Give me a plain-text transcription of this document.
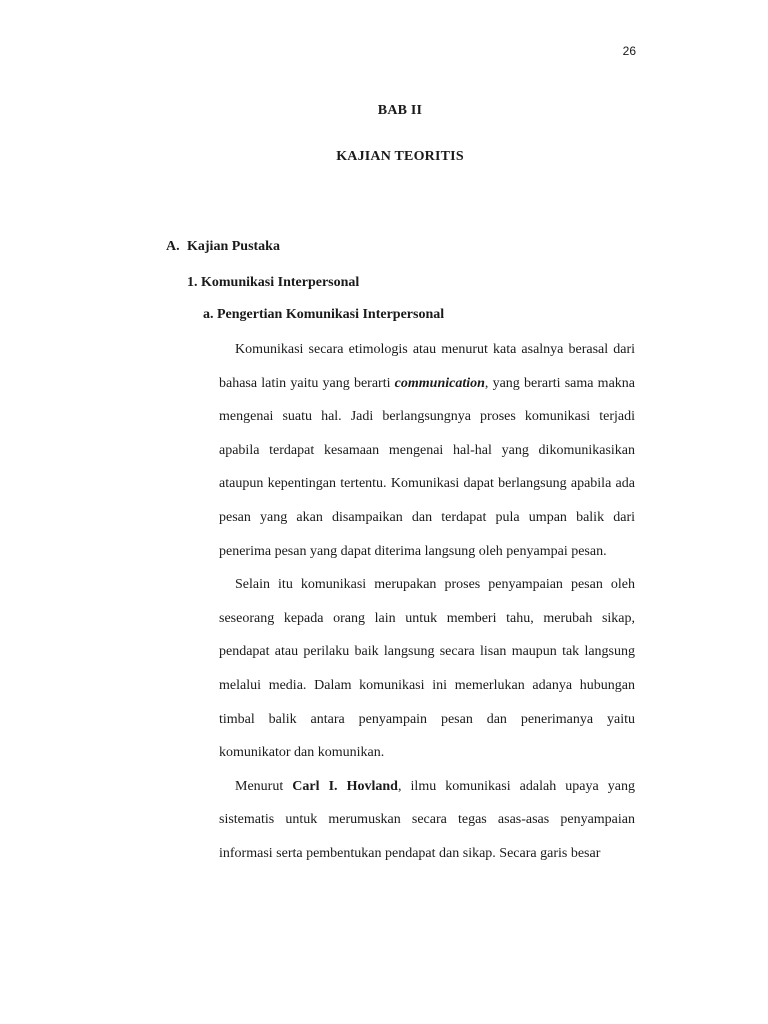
26
BAB II
KAJIAN TEORITIS
A. Kajian Pustaka
1. Komunikasi Interpersonal
a. Pengertian Komunikasi Interpersonal

Komunikasi secara etimologis atau menurut kata asalnya berasal dari bahasa latin yaitu yang berarti communication, yang berarti sama makna mengenai suatu hal. Jadi berlangsungnya proses komunikasi terjadi apabila terdapat kesamaan mengenai hal-hal yang dikomunikasikan ataupun kepentingan tertentu. Komunikasi dapat berlangsung apabila ada pesan yang akan disampaikan dan terdapat pula umpan balik dari penerima pesan yang dapat diterima langsung oleh penyampai pesan.

Selain itu komunikasi merupakan proses penyampaian pesan oleh seseorang kepada orang lain untuk memberi tahu, merubah sikap, pendapat atau perilaku baik langsung secara lisan maupun tak langsung melalui media. Dalam komunikasi ini memerlukan adanya hubungan timbal balik antara penyampain pesan dan penerimanya yaitu komunikator dan komunikan.

Menurut Carl I. Hovland, ilmu komunikasi adalah upaya yang sistematis untuk merumuskan secara tegas asas-asas penyampaian informasi serta pembentukan pendapat dan sikap. Secara garis besar
